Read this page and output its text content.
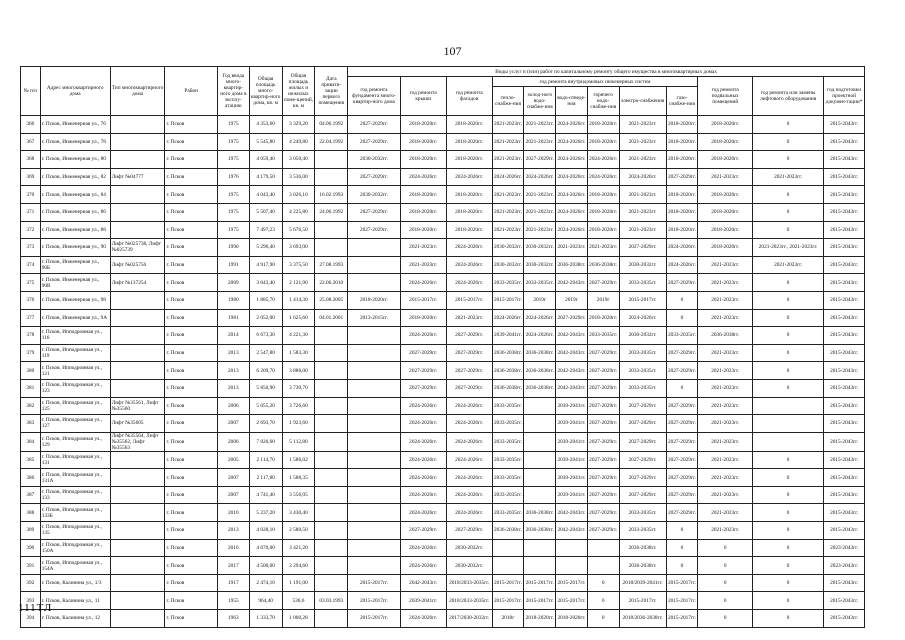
107
№ п/п	Адрес многоквартирного дома	Тип многоквартирного дома	Район	Год ввода много-квартир-ного дома в эксплу-атацию	Общая площадь много-квартир-ного дома, кв. м	Общая площадь жилых и нежилых поме-щений, кв. м	Дата привати-зации первого помещения	Виды услуг и (или) работ по капитальному ремонту общего имущества в многоквартирных домах											
								год ремонта фундамента много-квартир-ного дома	год ремонта крыши	год ремонта фасадов	год ремонта внутридомовых инженерных систем						год ремонта подвальных помещений	год ремонта или замены лифтового оборудования	год подготовки проектной докумен-тации*
											тепло-снабже-ния	холод-ного водо-снабже-ния	водо-отведе-ния	горячего водо-снабже-ния	электро-снабжения	газо-снабже-ния			
366	г. Псков, Инженерная ул., 76		г. Псков	1975	4 353,60	3 329,20	04.06.1992	2027-2029гг.	2018-2020гг.	2018-2020гг.	2021-2023гг.	2021-2023гг.	2024-2026гг.	2018-2020гг.	2021-2023гг.	2018-2020гг.	2018-2020гг.	0	2015-2043гг.
367	г. Псков, Инженерная ул., 78		г. Псков	1975	5 545,80	4 249,80	22.04.1992	2027-2029гг.	2018-2020гг.	2018-2020гг.	2021-2023гг.	2021-2023гг.	2024-2026гг.	2018-2020гг.	2021-2023гг.	2018-2020гг.	2018-2020гг.	0	2015-2043гг.
368	г. Псков, Инженерная ул., 80		г. Псков	1975	4 059,40	3 050,40		2030-2032гг.	2018-2020гг.	2018-2020гг.	2021-2023гг.	2027-2029гг.	2024-2026гг.	2024-2026гг.	2021-2023гг.	2018-2020гг.	2018-2020гг.	0	2015-2043гг.
369	г. Псков, Инженерная ул., 82	Лифт №04777	г. Псков	1976	4 179,50	3 536,00		2027-2029гг.	2024-2026гг.	2024-2026гг.	2024-2026гг.	2024-2026гг.	2024-2026гг.	2024-2026гг.	2024-2026гг.	2027-2029гг.	2021-2023гг.	2021-2023гг.	2015-2043гг.
370	г. Псков, Инженерная ул., 84		г. Псков	1975	4 043,40	3 026,10	16.02.1993	2030-2032гг.	2018-2020гг.	2018-2020гг.	2021-2023гг.	2021-2023гг.	2024-2026гг.	2018-2020гг.	2021-2023гг.	2018-2020гг.	2018-2020гг.	0	2015-2043гг.
371	г. Псков, Инженерная ул., 86		г. Псков	1975	5 507,40	4 225,80	24.06.1992	2027-2029гг.	2018-2020гг.	2018-2020гг.	2021-2023гг.	2021-2023гг.	2024-2026гг.	2018-2020гг.	2021-2023гг.	2018-2020гг.	2018-2020гг.	0	2015-2043гг.
372	г. Псков, Инженерная ул., 88		г. Псков	1975	7 497,23	5 676,50		2027-2029гг.	2018-2020гг.	2018-2020гг.	2021-2023гг.	2021-2023гг.	2024-2026гг.	2018-2020гг.	2021-2023гг.	2018-2020гг.	2018-2020гг.	0	2015-2043гг.
373	г. Псков, Инженерная ул., 90	Лифт №025738, Лифт №025739	г. Псков	1990	5 296,40	3 693,00			2021-2023гг.	2024-2026гг.	2030-2032гг.	2030-2032гг.	2021-2023гг.	2021-2023гг.	2027-2029гг.	2024-2026гг.	2018-2020гг.	2021-2023гг., 2021-2023гг.	2015-2043гг.
374	г. Псков, Инженерная ул., 90Б	Лифт №025756	г. Псков	1991	4 917,90	3 375,50	27.08.1993		2021-2023гг.	2024-2026гг.	2030-2032гг.	2030-2032гг.	2036-2038гг.	2036-2038гг.	2030-2032гг.	2024-2026гг.	2021-2023гг.	2021-2023гг.	2015-2043гг.
375	г. Псков, Инженерная ул., 90В	Лифт №137254	г. Псков	2009	3 043,40	2 121,90	22.06.2010		2024-2026гг.	2024-2026гг.	2033-2035гг.	2033-2035гг.	2042-2043гг.	2027-2029гг.	2033-2035гг.	2027-2029гг.	2021-2023гг.	0	2015-2043гг.
376	г. Псков, Инженерная ул., 98		г. Псков	1980	1 885,70	1 414,30	25.08.2005	2018-2020гг.	2015-2017гг.	2015-2017гг.	2015-2017гг.	2019г	2019г	2019г	2015-2017гг.	0	2021-2023гг.	0	2015-2043гг.
377	г. Псков, Инженерная ул., 9А		г. Псков	1981	2 052,00	1 625,60	04.01.2001	2013-2015гг.	2018-2020гг.	2021-2023гг.	2024-2026гг.	2024-2026гг.	2027-2029гг.	2018-2020гг.	2024-2026гг.	0	2021-2023гг.	0	2015-2043гг.
378	г. Псков, Ипподромная ул., 116		г. Псков	2014	6 673,30	4 221,30			2024-2026гг.	2027-2029гг.	2039-2041гг.	2024-2026гг.	2042-2043гг.	2033-2035гг.	2030-2032гг.	2033-2035гг.	2036-2038гг.	0	2015-2043гг.
379	г. Псков, Ипподромная ул., 119		г. Псков	2013	2 547,80	1 583,30			2027-2029гг.	2027-2029гг.	2036-2038гг.	2036-2038гг.	2042-2043гг.	2027-2029гг.	2033-2035гг.	2027-2029гг.	2021-2023гг.	0	2015-2043гг.
380	г. Псков, Ипподромная ул., 121		г. Псков	2013	6 209,70	3 886,00			2027-2029гг.	2027-2029гг.	2036-2038гг.	2036-2038гг.	2042-2043гг.	2027-2029гг.	2033-2035гг.	2027-2029гг.	2021-2023гг.	0	2015-2043гг.
381	г. Псков, Ипподромная ул., 123		г. Псков	2013	5 850,90	3 730,70			2027-2029гг.	2027-2029гг.	2036-2038гг.	2036-2038гг.	2042-2043гг.	2027-2029гг.	2033-2035гг.	0	2021-2023гг.	0	2015-2043гг.
382	г. Псков, Ипподромная ул., 125	Лифт №35561, Лифт №35560	г. Псков	2006	5 055,20	3 726,60			2024-2026гг.	2024-2026гг.	2033-2035гг.		2039-2041гг.	2027-2029гг.	2027-2029гг.	2027-2029гг.	2021-2023гг.		2015-2043гг.
383	г. Псков, Ипподромная ул., 127	Лифт №35605	г. Псков	2007	2 693,70	1 923,60			2024-2026гг.	2024-2026гг.	2033-2035гг.		2039-2041гг.	2027-2029гг.	2027-2029гг.	2027-2029гг.	2021-2023гг.		2015-2043гг.
384	г. Псков, Ипподромная ул., 129	Лифт №35564, Лифт №35562, Лифт №35563	г. Псков	2006	7 820,60	5 112,80			2024-2026гг.	2024-2026гг.	2033-2035гг.		2039-2041гг.	2027-2029гг.	2027-2029гг.	2027-2029гг.	2021-2023гг.		2015-2043гг.
385	г. Псков, Ипподромная ул., 131		г. Псков	2005	2 114,70	1 586,02			2024-2026гг.	2024-2026гг.	2033-2035гг.		2039-2041гг.	2027-2029гг.	2027-2029гг.	2027-2029гг.	2021-2023гг.	0	2015-2043гг.
386	г. Псков, Ипподромная ул., 131А		г. Псков	2007	2 117,80	1 588,35			2024-2026гг.	2024-2026гг.	2033-2035гг.		2039-2041гг.	2027-2029гг.	2027-2029гг.	2027-2029гг.	2021-2023гг.	0	2015-2043гг.
387	г. Псков, Ипподромная ул., 133		г. Псков	2007	4 741,40	3 556,05			2024-2026гг.	2024-2026гг.	2033-2035гг.		2039-2041гг.	2027-2029гг.	2027-2029гг.	2027-2029гг.	2021-2023гг.	0	2015-2043гг.
388	г. Псков, Ипподромная ул., 133Б		г. Псков	2010	5 237,20	3 430,40			2024-2026гг.	2024-2026гг.	2033-2035гг.	2036-2038гг.	2042-2043гг.	2027-2029гг.	2033-2035гг.	2027-2029гг.	2021-2023гг.	0	2015-2043гг.
389	г. Псков, Ипподромная ул., 135		г. Псков	2013	4 028,10	2 580,50			2027-2029гг.	2027-2029гг.	2036-2038гг.	2036-2038гг.	2042-2043гг.	2027-2029гг.	2033-2035гг.	0	2021-2023гг.	0	2015-2043гг.
390	г. Псков, Ипподромная ул., 150А		г. Псков	2016	4 670,00	3 421,20			2024-2026гг.	2030-2032гг.					2036-2038гг.	0	0	0	2023-2043гг.
391	г. Псков, Ипподромная ул., 154А		г. Псков	2017	4 500,00	3 294,60			2024-2026гг.	2030-2032гг.					2036-2038гг.	0	0	0	2023-2043гг.
392	г. Псков, Калинина ул., 1/3		г. Псков	1917	2 474,10	1 191,00		2015-2017гг.	2042-2043гг.	2018/2033-2035гг.	2015-2017гг.	2015-2017гг.	2015-2017гг.	0	2018/2039-2041гг.	2015-2017гг.	0	0	2015-2043гг.
393	г. Псков, Калинина ул., 11		г. Псков	1955	964,40	536,6	03.03.1993	2015-2017гг.	2039-2041гг.	2018/2033-2035гг.	2015-2017гг.	2015-2017гг.	2015-2017гг.	0	2015-2017гг.	2015-2017гг.	0	0	2015-2043гг.
394	г. Псков, Калинина ул., 12		г. Псков	1963	1 333,70	1 000,28		2015-2017гг.	2024-2026гг.	2017/2030-2032гг.	2018г	2018-2020гг.	2018-2020гг.	0	2018/2036-2038гг.	2015-2017гг.	0	0	2015-2043гг.
111ТЛ
